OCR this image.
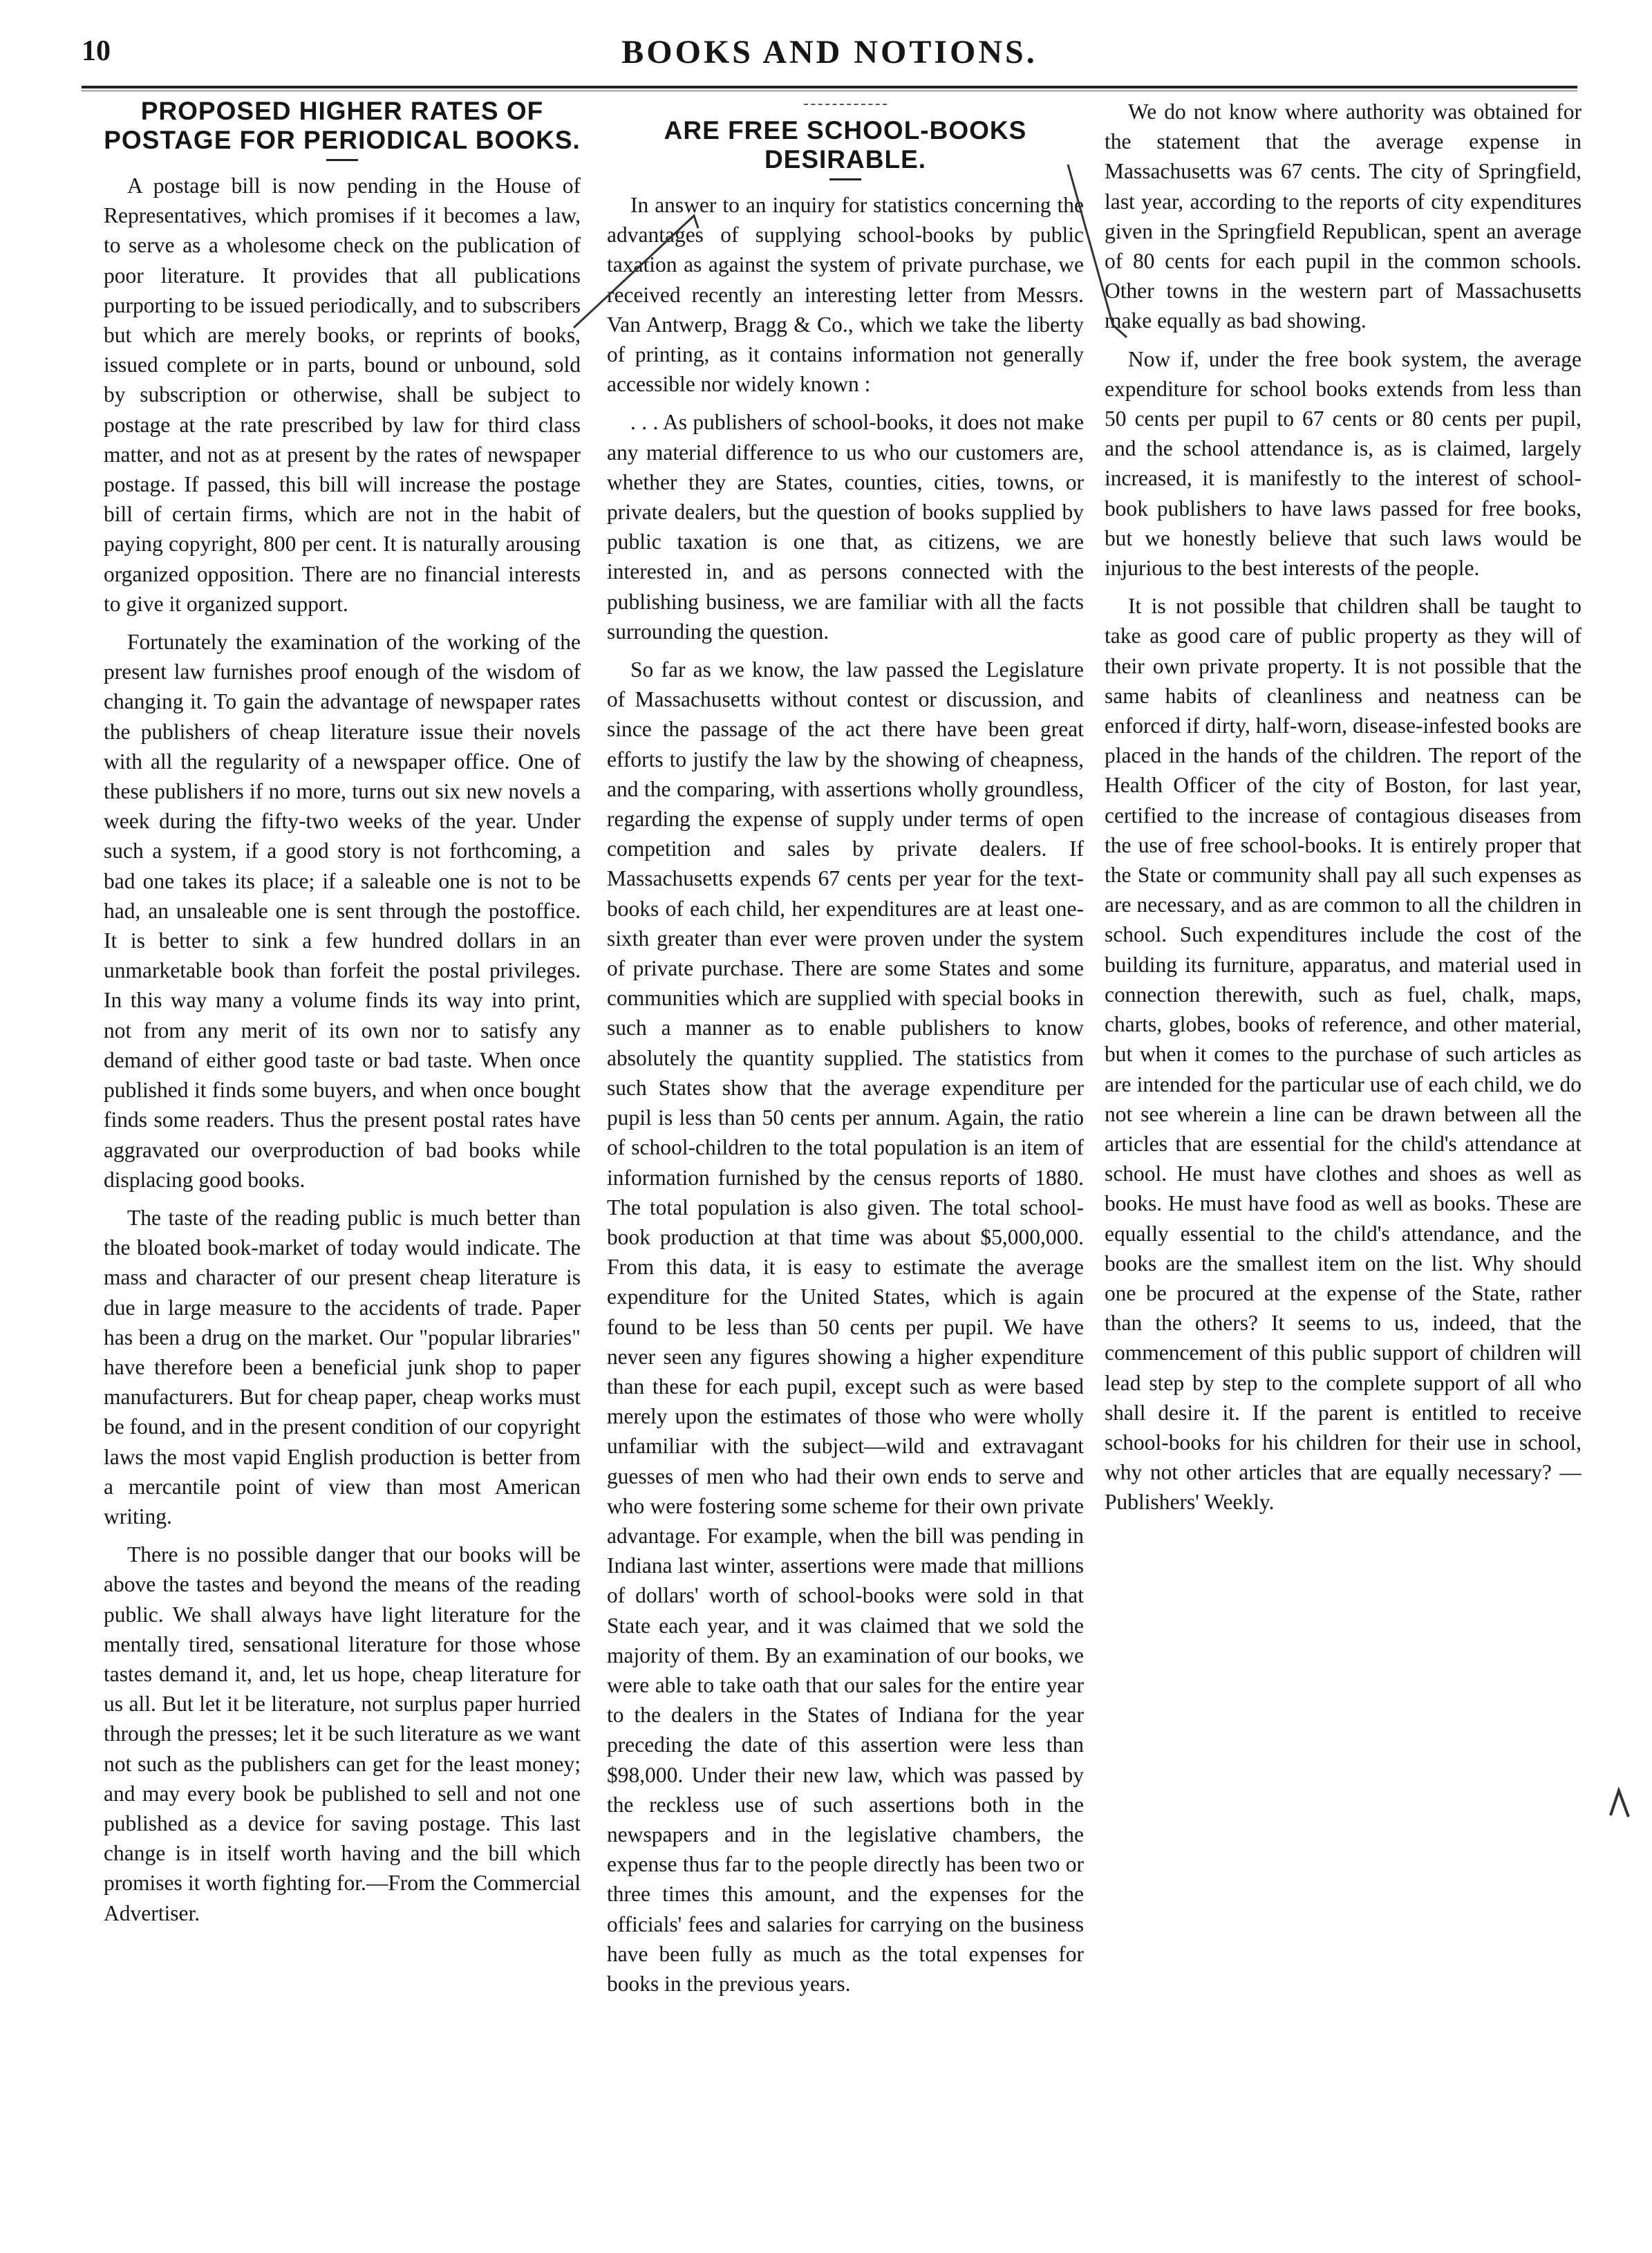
10	BOOKS AND NOTIONS.
PROPOSED HIGHER RATES OF POSTAGE FOR PERIODICAL BOOKS.

A postage bill is now pending in the House of Representatives, which promises if it becomes a law, to serve as a wholesome check on the publication of poor literature. It provides that all publications purporting to be issued periodically, and to subscribers but which are merely books, or reprints of books, issued complete or in parts, bound or unbound, sold by subscription or otherwise, shall be subject to postage at the rate prescribed by law for third class matter, and not as at present by the rates of newspaper postage. If passed, this bill will increase the postage bill of certain firms, which are not in the habit of paying copyright, 800 per cent. It is naturally arousing organized opposition. There are no financial interests to give it organized support.

Fortunately the examination of the working of the present law furnishes proof enough of the wisdom of changing it. To gain the advantage of newspaper rates the publishers of cheap literature issue their novels with all the regularity of a newspaper office. One of these publishers if no more, turns out six new novels a week during the fifty-two weeks of the year. Under such a system, if a good story is not forthcoming, a bad one takes its place; if a saleable one is not to be had, an unsaleable one is sent through the postoffice. It is better to sink a few hundred dollars in an unmarketable book than forfeit the postal privileges. In this way many a volume finds its way into print, not from any merit of its own nor to satisfy any demand of either good taste or bad taste. When once published it finds some buyers, and when once bought finds some readers. Thus the present postal rates have aggravated our overproduction of bad books while displacing good books.

The taste of the reading public is much better than the bloated book-market of today would indicate. The mass and character of our present cheap literature is due in large measure to the accidents of trade. Paper has been a drug on the market. Our "popular libraries" have therefore been a beneficial junk shop to paper manufacturers. But for cheap paper, cheap works must be found, and in the present condition of our copyright laws the most vapid English production is better from a mercantile point of view than most American writing.

There is no possible danger that our books will be above the tastes and beyond the means of the reading public. We shall always have light literature for the mentally tired, sensational literature for those whose tastes demand it, and, let us hope, cheap literature for us all. But let it be literature, not surplus paper hurried through the presses; let it be such literature as we want not such as the publishers can get for the least money; and may every book be published to sell and not one published as a device for saving postage. This last change is in itself worth having and the bill which promises it worth fighting for.—From the Commercial Advertiser.

ARE FREE SCHOOL-BOOKS DESIRABLE.

In answer to an inquiry for statistics concerning the advantages of supplying school-books by public taxation as against the system of private purchase, we received recently an interesting letter from Messrs. Van Antwerp, Bragg & Co., which we take the liberty of printing, as it contains information not generally accessible nor widely known :

. . . As publishers of school-books, it does not make any material difference to us who our customers are, whether they are States, counties, cities, towns, or private dealers, but the question of books supplied by public taxation is one that, as citizens, we are interested in, and as persons connected with the publishing business, we are familiar with all the facts surrounding the question.

So far as we know, the law passed the Legislature of Massachusetts without contest or discussion, and since the passage of the act there have been great efforts to justify the law by the showing of cheapness, and the comparing, with assertions wholly groundless, regarding the expense of supply under terms of open competition and sales by private dealers. If Massachusetts expends 67 cents per year for the text-books of each child, her expenditures are at least one-sixth greater than ever were proven under the system of private purchase. There are some States and some communities which are supplied with special books in such a manner as to enable publishers to know absolutely the quantity supplied. The statistics from such States show that the average expenditure per pupil is less than 50 cents per annum. Again, the ratio of school-children to the total population is an item of information furnished by the census reports of 1880. The total population is also given. The total school-book production at that time was about $5,000,000. From this data, it is easy to estimate the average expenditure for the United States, which is again found to be less than 50 cents per pupil. We have never seen any figures showing a higher expenditure than these for each pupil, except such as were based merely upon the estimates of those who were wholly unfamiliar with the subject—wild and extravagant guesses of men who had their own ends to serve and who were fostering some scheme for their own private advantage. For example, when the bill was pending in Indiana last winter, assertions were made that millions of dollars' worth of school-books were sold in that State each year, and it was claimed that we sold the majority of them. By an examination of our books, we were able to take oath that our sales for the entire year to the dealers in the States of Indiana for the year preceding the date of this assertion were less than $98,000. Under their new law, which was passed by the reckless use of such assertions both in the newspapers and in the legislative chambers, the expense thus far to the people directly has been two or three times this amount, and the expenses for the officials' fees and salaries for carrying on the business have been fully as much as the total expenses for books in the previous years.

We do not know where authority was obtained for the statement that the average expense in Massachusetts was 67 cents. The city of Springfield, last year, according to the reports of city expenditures given in the Springfield Republican, spent an average of 80 cents for each pupil in the common schools. Other towns in the western part of Massachusetts make equally as bad showing.

Now if, under the free book system, the average expenditure for school books extends from less than 50 cents per pupil to 67 cents or 80 cents per pupil, and the school attendance is, as is claimed, largely increased, it is manifestly to the interest of school-book publishers to have laws passed for free books, but we honestly believe that such laws would be injurious to the best interests of the people.

It is not possible that children shall be taught to take as good care of public property as they will of their own private property. It is not possible that the same habits of cleanliness and neatness can be enforced if dirty, half-worn, disease-infested books are placed in the hands of the children. The report of the Health Officer of the city of Boston, for last year, certified to the increase of contagious diseases from the use of free school-books. It is entirely proper that the State or community shall pay all such expenses as are necessary, and as are common to all the children in school. Such expenditures include the cost of the building its furniture, apparatus, and material used in connection therewith, such as fuel, chalk, maps, charts, globes, books of reference, and other material, but when it comes to the purchase of such articles as are intended for the particular use of each child, we do not see wherein a line can be drawn between all the articles that are essential for the child's attendance at school. He must have clothes and shoes as well as books. He must have food as well as books. These are equally essential to the child's attendance, and the books are the smallest item on the list. Why should one be procured at the expense of the State, rather than the others? It seems to us, indeed, that the commencement of this public support of children will lead step by step to the complete support of all who shall desire it. If the parent is entitled to receive school-books for his children for their use in school, why not other articles that are equally necessary? —Publishers' Weekly.
